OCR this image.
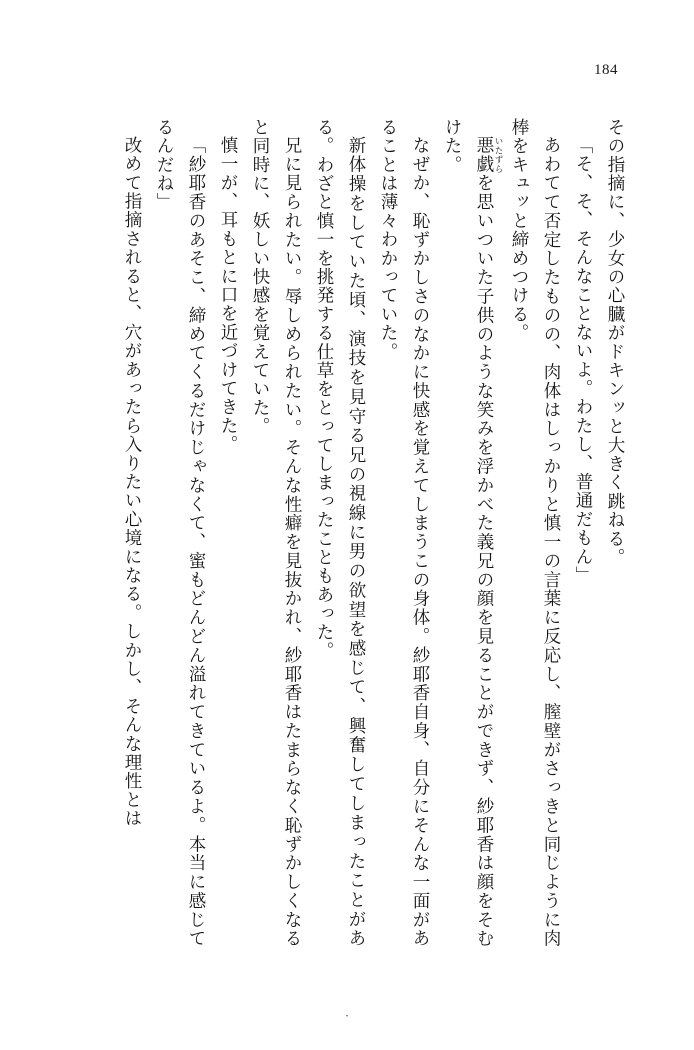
184

その指摘に、少女の心臓がドキンッと大きく跳ねる。

「そ、そ、そんなことないよ。わたし、普通だもん」

あわてて否定したものの、肉体はしっかりと慎一の言葉に反応し、膣壁がさっきと同じように肉棒をキュッと締めつける。

悪戯 いたずらを思いついた子供のような笑みを浮かべた義兄の顔を見ることができず、紗耶香は顔をそむけた。

なぜか、恥ずかしさのなかに快感を覚えてしまうこの身体。紗耶香自身、自分にそんな一面があることは薄々わかっていた。

新体操をしていた頃、演技を見守る兄の視線に男の欲望を感じて、興奮してしまったことがある。わざと慎一を挑発する仕草をとってしまったこともあった。

兄に見られたい。辱しめられたい。そんな性癖を見抜かれ、紗耶香はたまらなく恥ずかしくなると同時に、妖しい快感を覚えていた。

慎一が、耳もとに口を近づけてきた。

「紗耶香のあそこ、締めてくるだけじゃなくて、蜜もどんどん溢れてきているよ。本当に感じてるんだね」

改めて指摘されると、穴があったら入りたい心境になる。しかし、そんな理性とは

・
